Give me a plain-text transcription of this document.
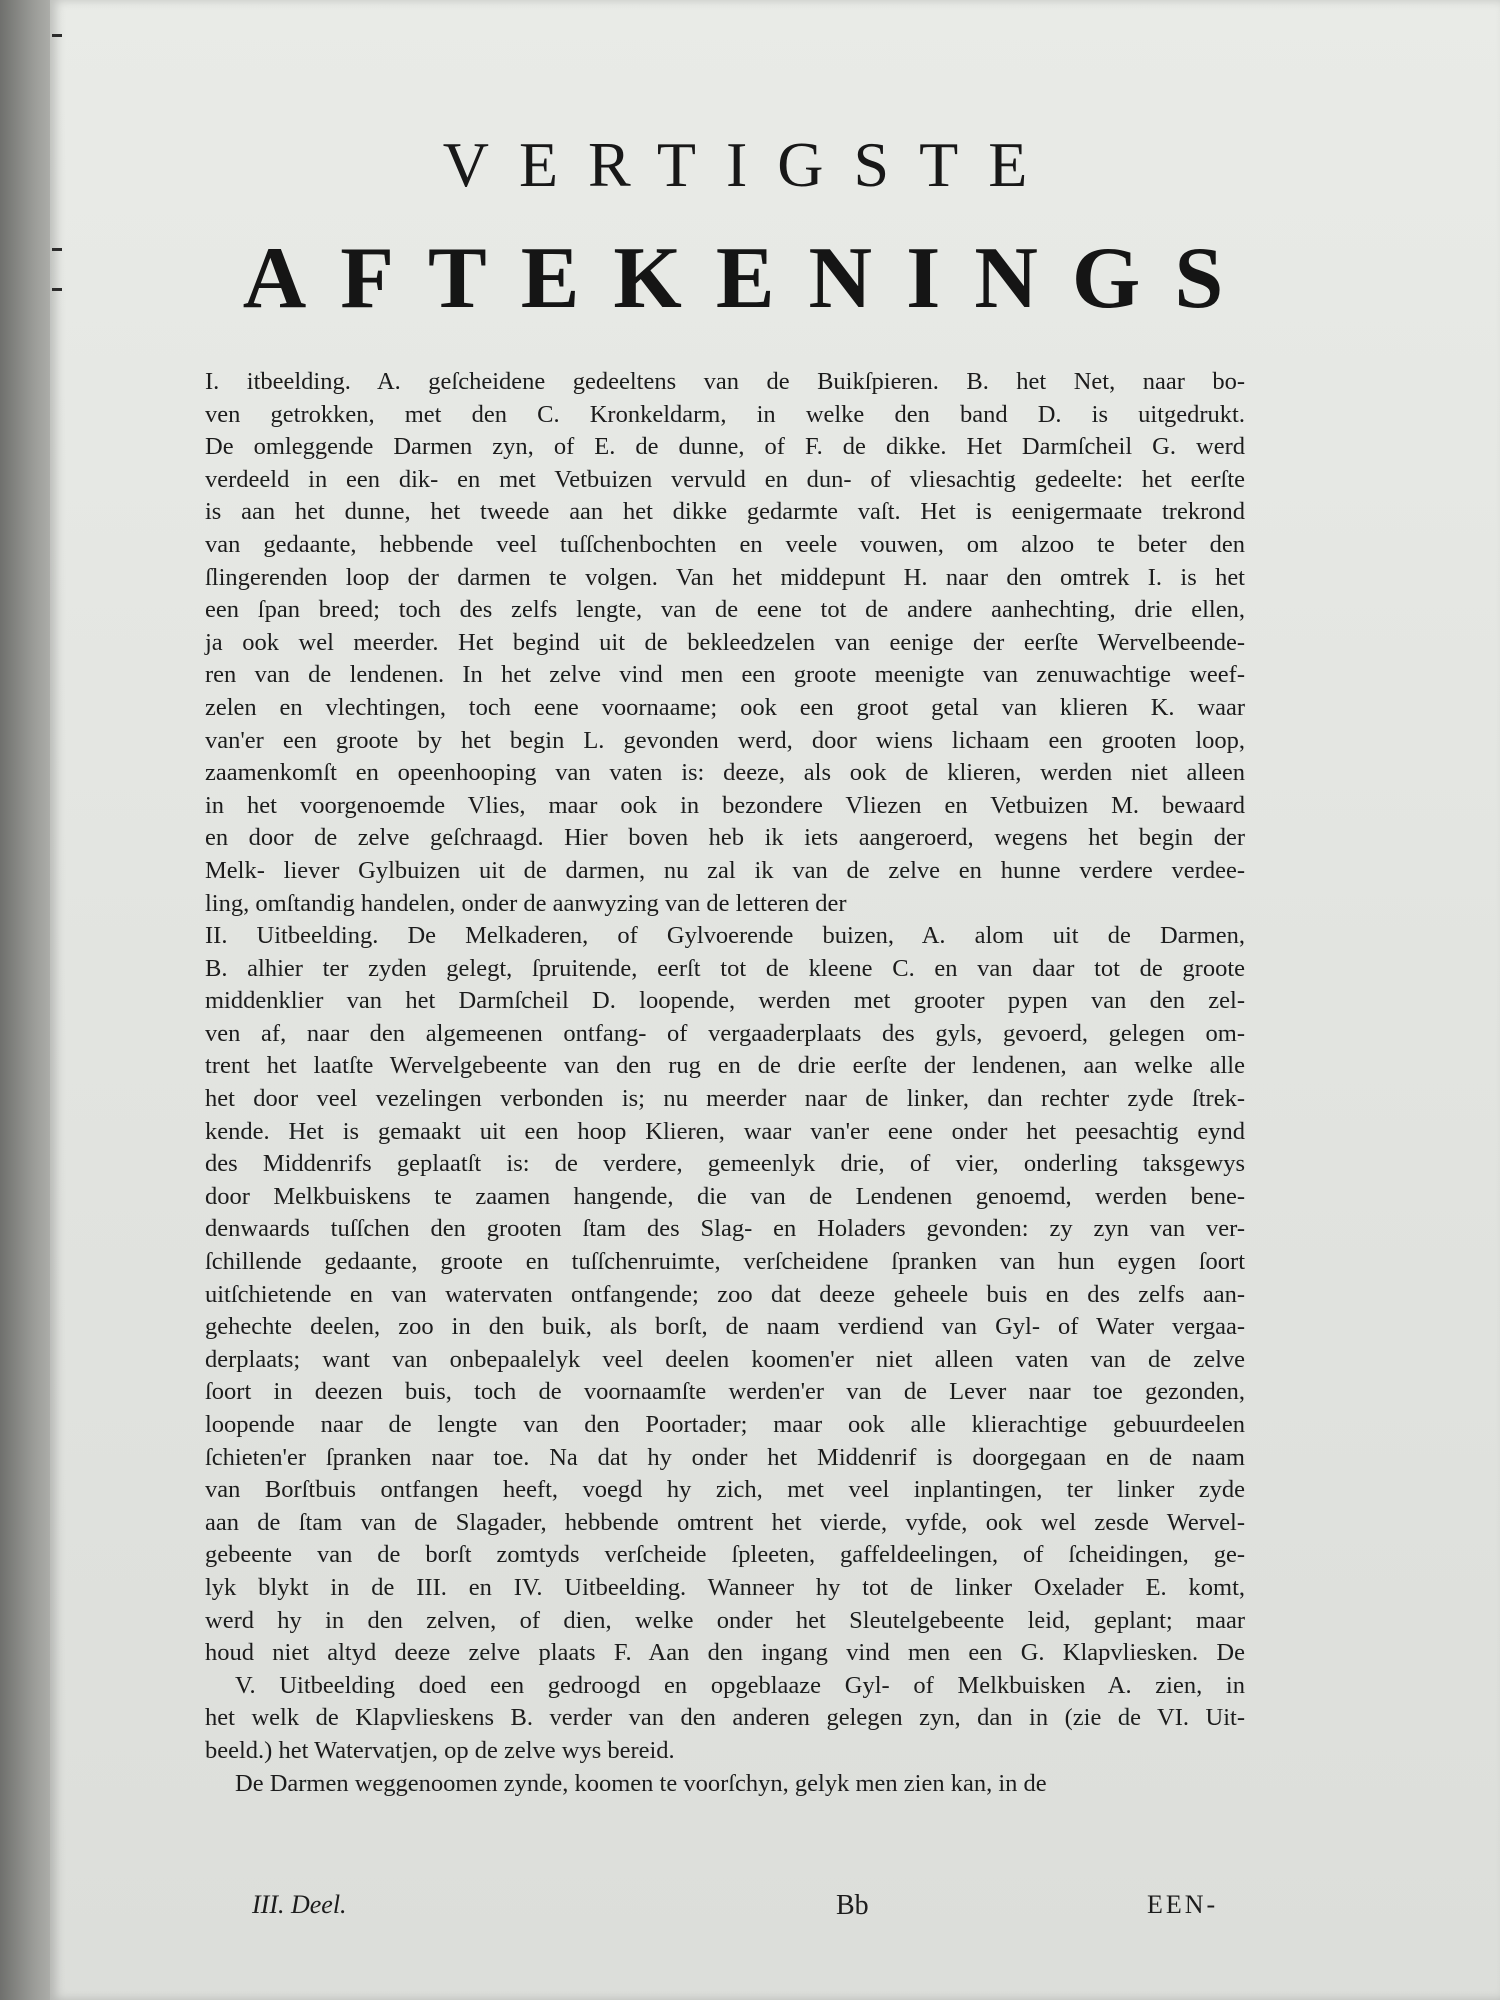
VERTIGSTE
AFTEKENINGS
I. itbeelding. A. geſcheidene gedeeltens van de Buikſpieren. B. het Net, naar bo-
ven getrokken, met den C. Kronkeldarm, in welke den band D. is uitgedrukt.
De omleggende Darmen zyn, of E. de dunne, of F. de dikke. Het Darmſcheil G. werd
verdeeld in een dik- en met Vetbuizen vervuld en dun- of vliesachtig gedeelte: het eerſte
is aan het dunne, het tweede aan het dikke gedarmte vaſt. Het is eenigermaate trekrond
van gedaante, hebbende veel tuſſchenbochten en veele vouwen, om alzoo te beter den
ſlingerenden loop der darmen te volgen. Van het middepunt H. naar den omtrek I. is het
een ſpan breed; toch des zelfs lengte, van de eene tot de andere aanhechting, drie ellen,
ja ook wel meerder. Het begind uit de bekleedzelen van eenige der eerſte Wervelbeende-
ren van de lendenen. In het zelve vind men een groote meenigte van zenuwachtige weef-
zelen en vlechtingen, toch eene voornaame; ook een groot getal van klieren K. waar
van'er een groote by het begin L. gevonden werd, door wiens lichaam een grooten loop,
zaamenkomſt en opeenhooping van vaten is: deeze, als ook de klieren, werden niet alleen
in het voorgenoemde Vlies, maar ook in bezondere Vliezen en Vetbuizen M. bewaard
en door de zelve geſchraagd. Hier boven heb ik iets aangeroerd, wegens het begin der
Melk- liever Gylbuizen uit de darmen, nu zal ik van de zelve en hunne verdere verdee-
ling, omſtandig handelen, onder de aanwyzing van de letteren der
II. Uitbeelding. De Melkaderen, of Gylvoerende buizen, A. alom uit de Darmen,
B. alhier ter zyden gelegt, ſpruitende, eerſt tot de kleene C. en van daar tot de groote
middenklier van het Darmſcheil D. loopende, werden met grooter pypen van den zel-
ven af, naar den algemeenen ontfang- of vergaaderplaats des gyls, gevoerd, gelegen om-
trent het laatſte Wervelgebeente van den rug en de drie eerſte der lendenen, aan welke alle
het door veel vezelingen verbonden is; nu meerder naar de linker, dan rechter zyde ſtrek-
kende. Het is gemaakt uit een hoop Klieren, waar van'er eene onder het peesachtig eynd
des Middenrifs geplaatſt is: de verdere, gemeenlyk drie, of vier, onderling taksgewys
door Melkbuiskens te zaamen hangende, die van de Lendenen genoemd, werden bene-
denwaards tuſſchen den grooten ſtam des Slag- en Holaders gevonden: zy zyn van ver-
ſchillende gedaante, groote en tuſſchenruimte, verſcheidene ſpranken van hun eygen ſoort
uitſchietende en van watervaten ontfangende; zoo dat deeze geheele buis en des zelfs aan-
gehechte deelen, zoo in den buik, als borſt, de naam verdiend van Gyl- of Water vergaa-
derplaats; want van onbepaalelyk veel deelen koomen'er niet alleen vaten van de zelve
ſoort in deezen buis, toch de voornaamſte werden'er van de Lever naar toe gezonden,
loopende naar de lengte van den Poortader; maar ook alle klierachtige gebuurdeelen
ſchieten'er ſpranken naar toe. Na dat hy onder het Middenrif is doorgegaan en de naam
van Borſtbuis ontfangen heeft, voegd hy zich, met veel inplantingen, ter linker zyde
aan de ſtam van de Slagader, hebbende omtrent het vierde, vyfde, ook wel zesde Wervel-
gebeente van de borſt zomtyds verſcheide ſpleeten, gaffeldeelingen, of ſcheidingen, ge-
lyk blykt in de III. en IV. Uitbeelding. Wanneer hy tot de linker Oxelader E. komt,
werd hy in den zelven, of dien, welke onder het Sleutelgebeente leid, geplant; maar
houd niet altyd deeze zelve plaats F. Aan den ingang vind men een G. Klapvliesken. De
V. Uitbeelding doed een gedroogd en opgeblaaze Gyl- of Melkbuisken A. zien, in
het welk de Klapvlieskens B. verder van den anderen gelegen zyn, dan in (zie de VI. Uit-
beeld.) het Watervatjen, op de zelve wys bereid.
De Darmen weggenoomen zynde, koomen te voorſchyn, gelyk men zien kan, in de
III. Deel.	Bb	EEN-
